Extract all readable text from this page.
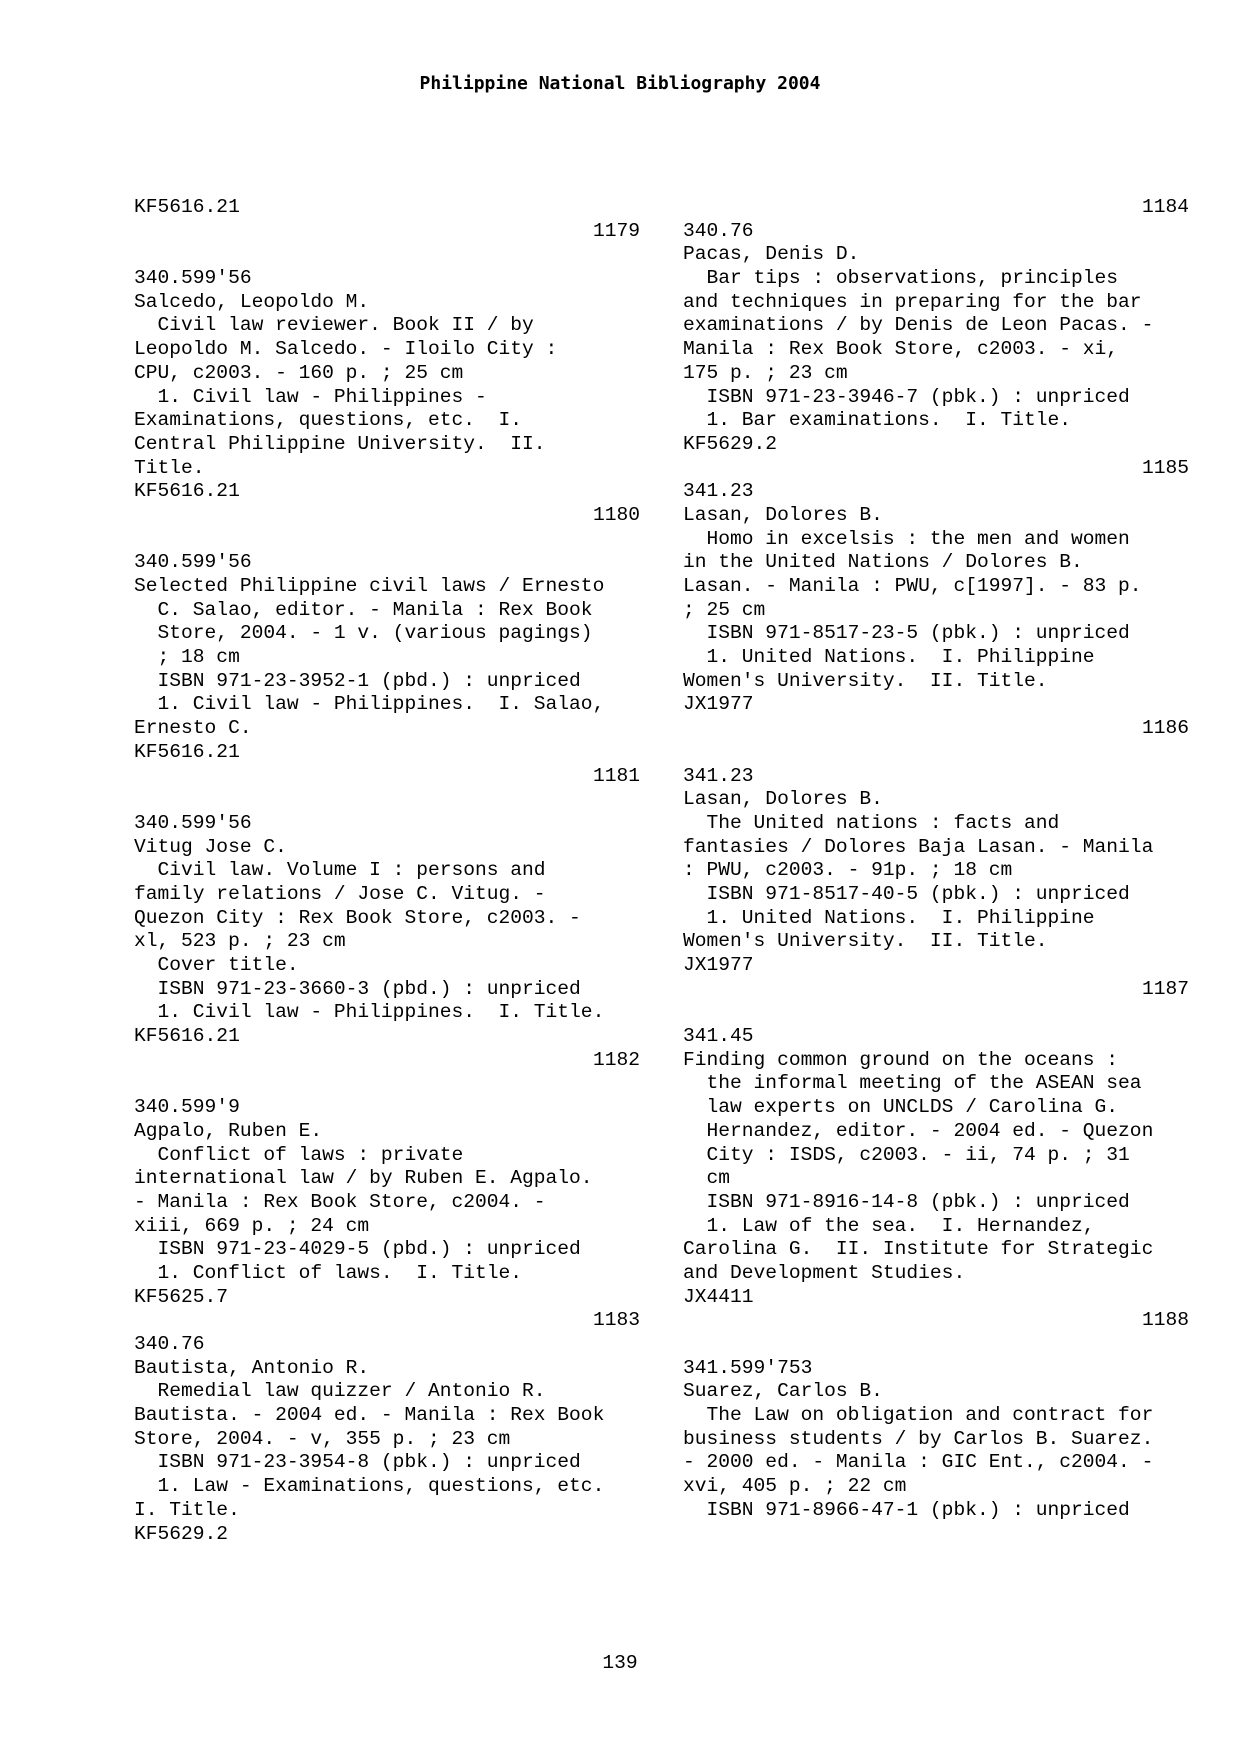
Philippine National Bibliography 2004
KF5616.21
1179
340.599'56
Salcedo, Leopoldo M.
Civil law reviewer. Book II / by
Leopoldo M. Salcedo. - Iloilo City :
CPU, c2003. - 160 p. ; 25 cm
1. Civil law - Philippines -
Examinations, questions, etc.  I.
Central Philippine University.  II.
Title.
KF5616.21
1180
340.599'56
Selected Philippine civil laws / Ernesto
C. Salao, editor. - Manila : Rex Book
Store, 2004. - 1 v. (various pagings)
; 18 cm
ISBN 971-23-3952-1 (pbd.) : unpriced
1. Civil law - Philippines.  I. Salao,
Ernesto C.
KF5616.21
1181
340.599'56
Vitug Jose C.
Civil law. Volume I : persons and
family relations / Jose C. Vitug. -
Quezon City : Rex Book Store, c2003. -
xl, 523 p. ; 23 cm
Cover title.
ISBN 971-23-3660-3 (pbd.) : unpriced
1. Civil law - Philippines.  I. Title.
KF5616.21
1182
340.599'9
Agpalo, Ruben E.
Conflict of laws : private
international law / by Ruben E. Agpalo.
- Manila : Rex Book Store, c2004. -
xiii, 669 p. ; 24 cm
ISBN 971-23-4029-5 (pbd.) : unpriced
1. Conflict of laws.  I. Title.
KF5625.7
1183
340.76
Bautista, Antonio R.
Remedial law quizzer / Antonio R.
Bautista. - 2004 ed. - Manila : Rex Book
Store, 2004. - v, 355 p. ; 23 cm
ISBN 971-23-3954-8 (pbk.) : unpriced
1. Law - Examinations, questions, etc.
I. Title.
KF5629.2
1184
340.76
Pacas, Denis D.
Bar tips : observations, principles
and techniques in preparing for the bar
examinations / by Denis de Leon Pacas. -
Manila : Rex Book Store, c2003. - xi,
175 p. ; 23 cm
ISBN 971-23-3946-7 (pbk.) : unpriced
1. Bar examinations.  I. Title.
KF5629.2
1185
341.23
Lasan, Dolores B.
Homo in excelsis : the men and women
in the United Nations / Dolores B.
Lasan. - Manila : PWU, c[1997]. - 83 p.
; 25 cm
ISBN 971-8517-23-5 (pbk.) : unpriced
1. United Nations.  I. Philippine
Women's University.  II. Title.
JX1977
1186
341.23
Lasan, Dolores B.
The United nations : facts and
fantasies / Dolores Baja Lasan. - Manila
: PWU, c2003. - 91p. ; 18 cm
ISBN 971-8517-40-5 (pbk.) : unpriced
1. United Nations.  I. Philippine
Women's University.  II. Title.
JX1977
1187
341.45
Finding common ground on the oceans :
the informal meeting of the ASEAN sea
law experts on UNCLDS / Carolina G.
Hernandez, editor. - 2004 ed. - Quezon
City : ISDS, c2003. - ii, 74 p. ; 31
cm
ISBN 971-8916-14-8 (pbk.) : unpriced
1. Law of the sea.  I. Hernandez,
Carolina G.  II. Institute for Strategic
and Development Studies.
JX4411
1188
341.599'753
Suarez, Carlos B.
The Law on obligation and contract for
business students / by Carlos B. Suarez.
- 2000 ed. - Manila : GIC Ent., c2004. -
xvi, 405 p. ; 22 cm
ISBN 971-8966-47-1 (pbk.) : unpriced
139
